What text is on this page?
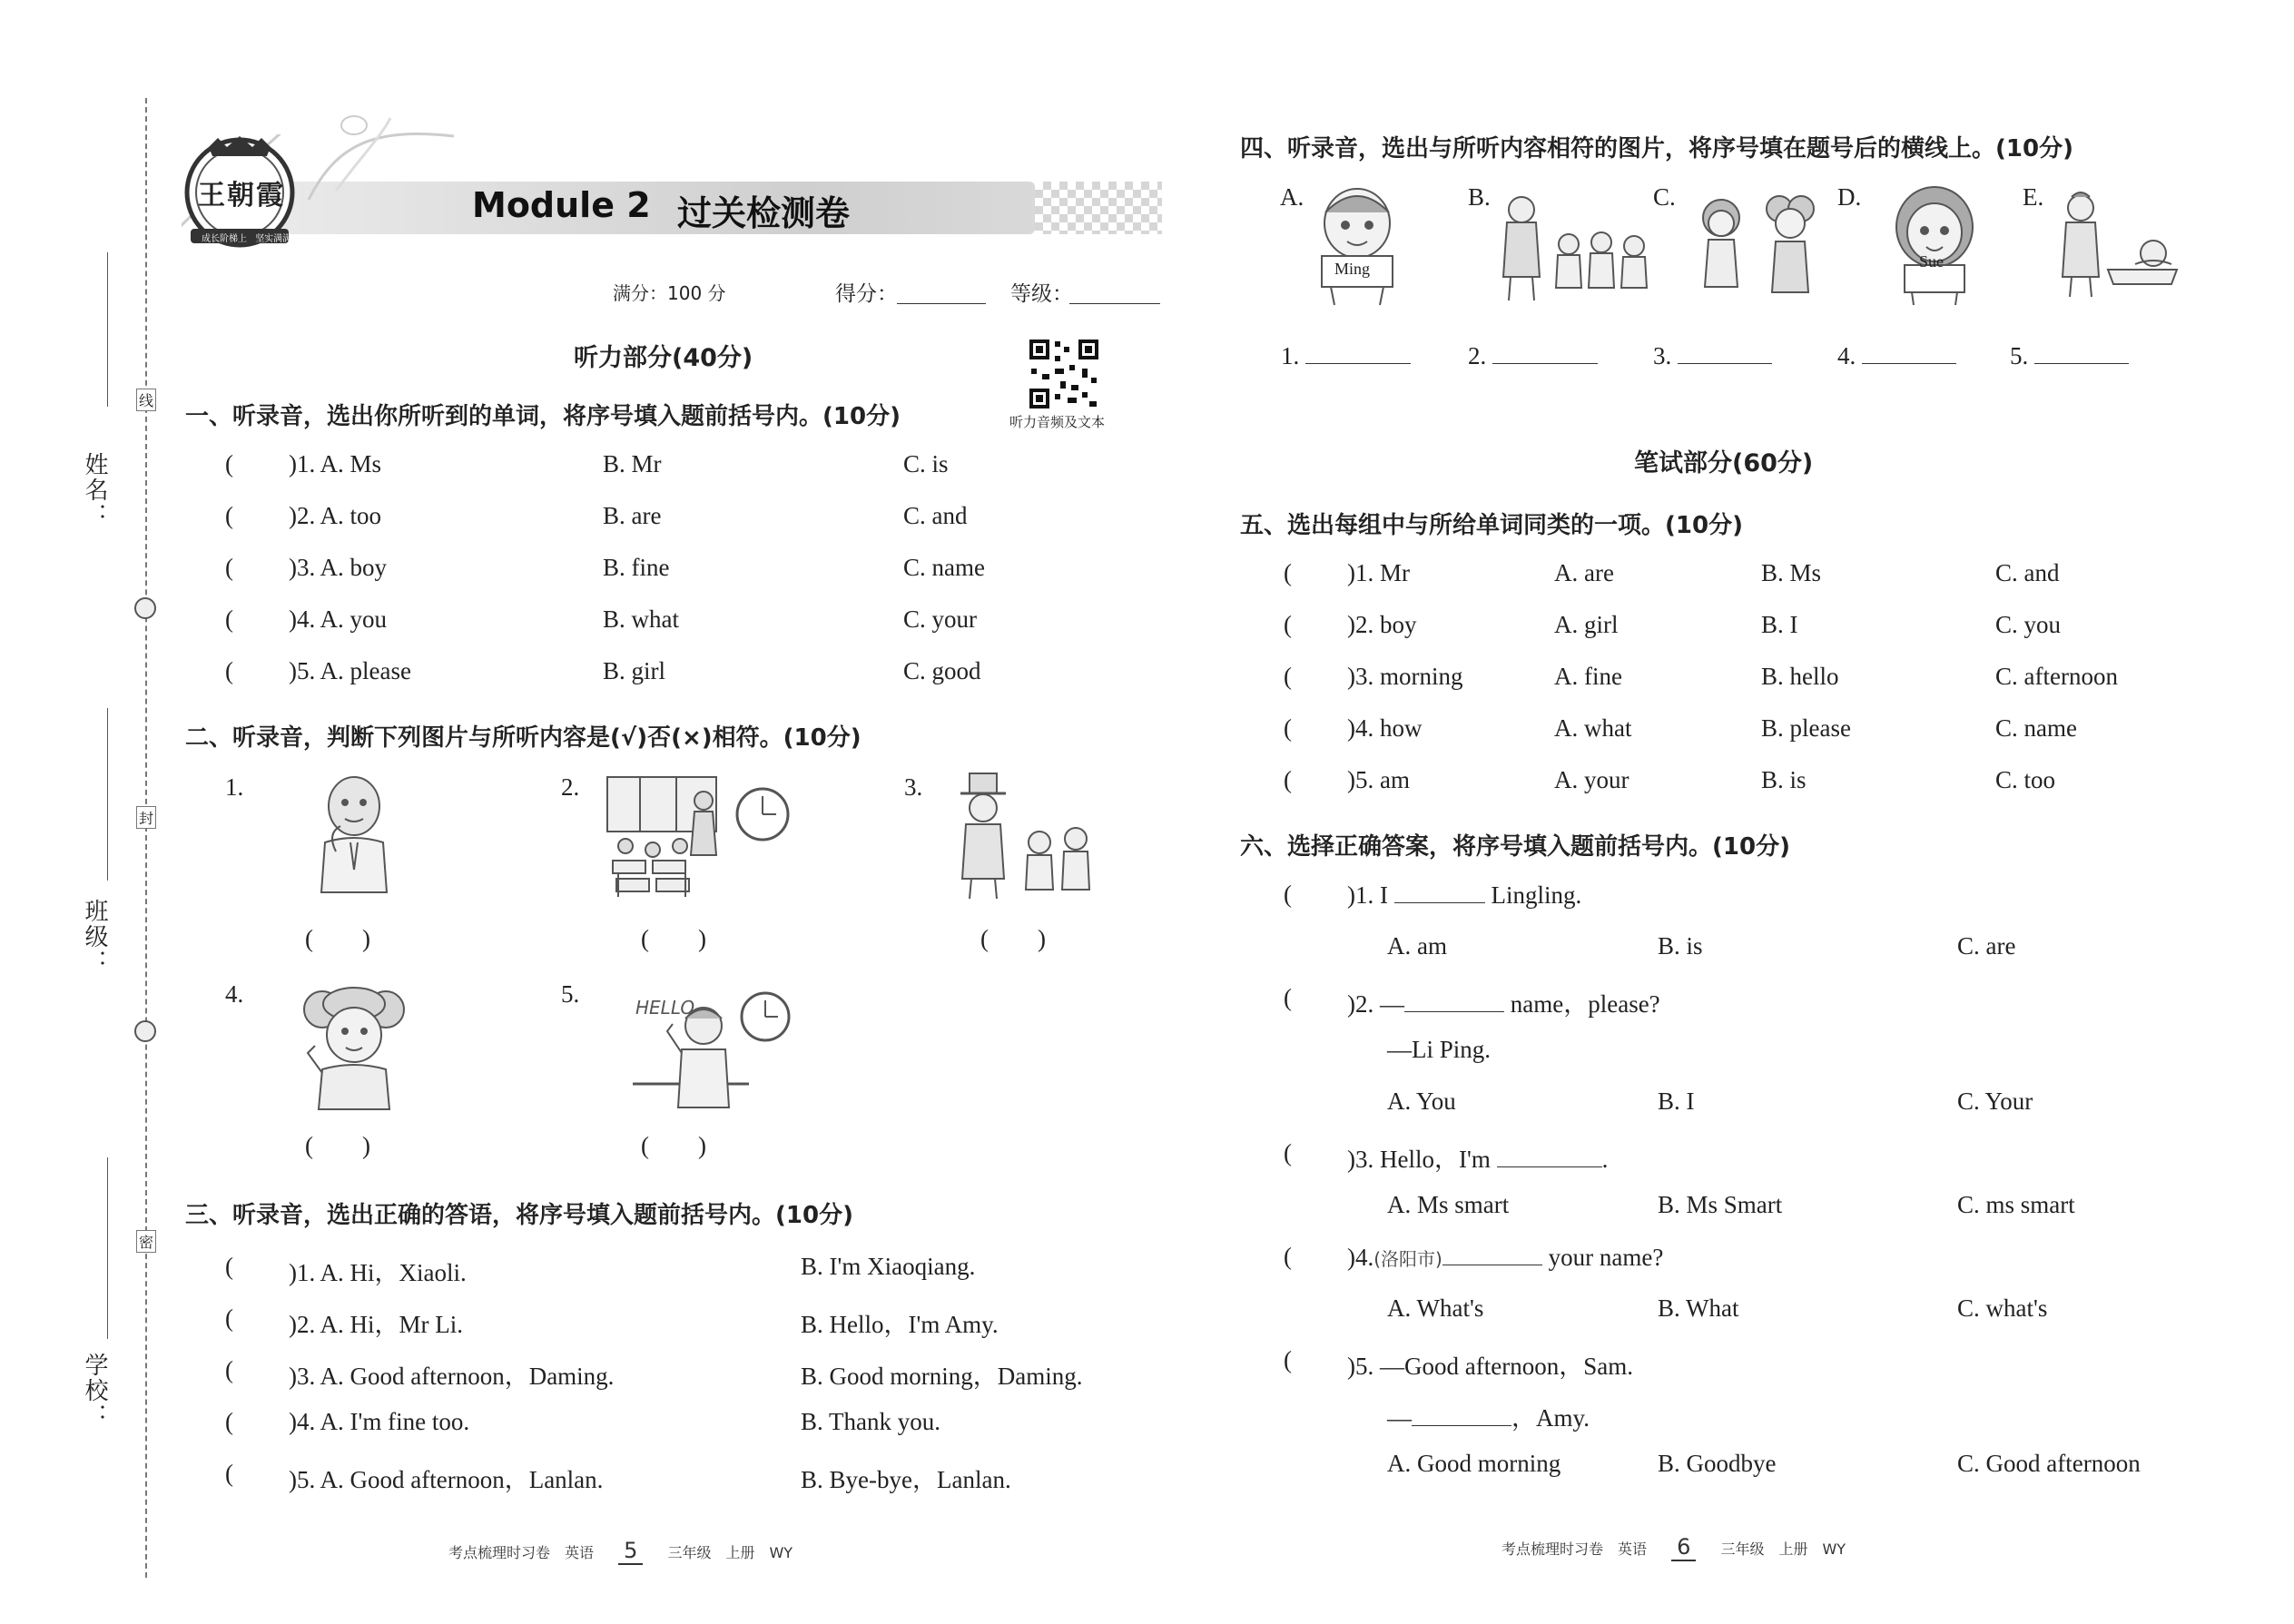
姓名：
班级：
学校：
线
封
密
王朝霞
成长阶梯上 坚实满满
Module 2 过关检测卷
满分：100 分	得分：	等级：
听力音频及文本
听力部分(40分)
一、听录音，选出你所听到的单词，将序号填入题前括号内。(10分)
( )1. A. Ms	B. Mr	C. is
( )2. A. too	B. are	C. and
( )3. A. boy	B. fine	C. name
( )4. A. you	B. what	C. your
( )5. A. please	B. girl	C. good
二、听录音，判断下列图片与所听内容是(√)否(×)相符。(10分)
1.
(　　)
2.
(　　)
3.
(　　)
4.
(　　)
5.	HELLO
(　　)
三、听录音，选出正确的答语，将序号填入题前括号内。(10分)
( )1. A. Hi，Xiaoli.	B. I'm Xiaoqiang.
( )2. A. Hi，Mr Li.	B. Hello，I'm Amy.
( )3. A. Good afternoon，Daming.	B. Good morning，Daming.
( )4. A. I'm fine too.	B. Thank you.
( )5. A. Good afternoon，Lanlan.	B. Bye-bye，Lanlan.
考点梳理时习卷　英语 5 三年级　上册　WY
四、听录音，选出与所听内容相符的图片，将序号填在题号后的横线上。(10分)
A.
Ming
B.	C.	D.
Sue
E.
1.	2.	3.	4.	5.
笔试部分(60分)
五、选出每组中与所给单词同类的一项。(10分)
( )1. Mr	A. are	B. Ms	C. and
( )2. boy	A. girl	B. I	C. you
( )3. morning	A. fine	B. hello	C. afternoon
( )4. how	A. what	B. please	C. name
( )5. am	A. your	B. is	C. too
六、选择正确答案，将序号填入题前括号内。(10分)
( )1. I	Lingling.
A. am	B. is	C. are
( )2. —	name，please?
—Li Ping.
A. You	B. I	C. Your
( )3. Hello，I'm	.
A. Ms smart	B. Ms Smart	C. ms smart
( )4.(洛阳市)	your name?
A. What's	B. What	C. what's
( )5. —Good afternoon，Sam.
—	，Amy.
A. Good morning	B. Goodbye	C. Good afternoon
考点梳理时习卷　英语 6 三年级　上册　WY
